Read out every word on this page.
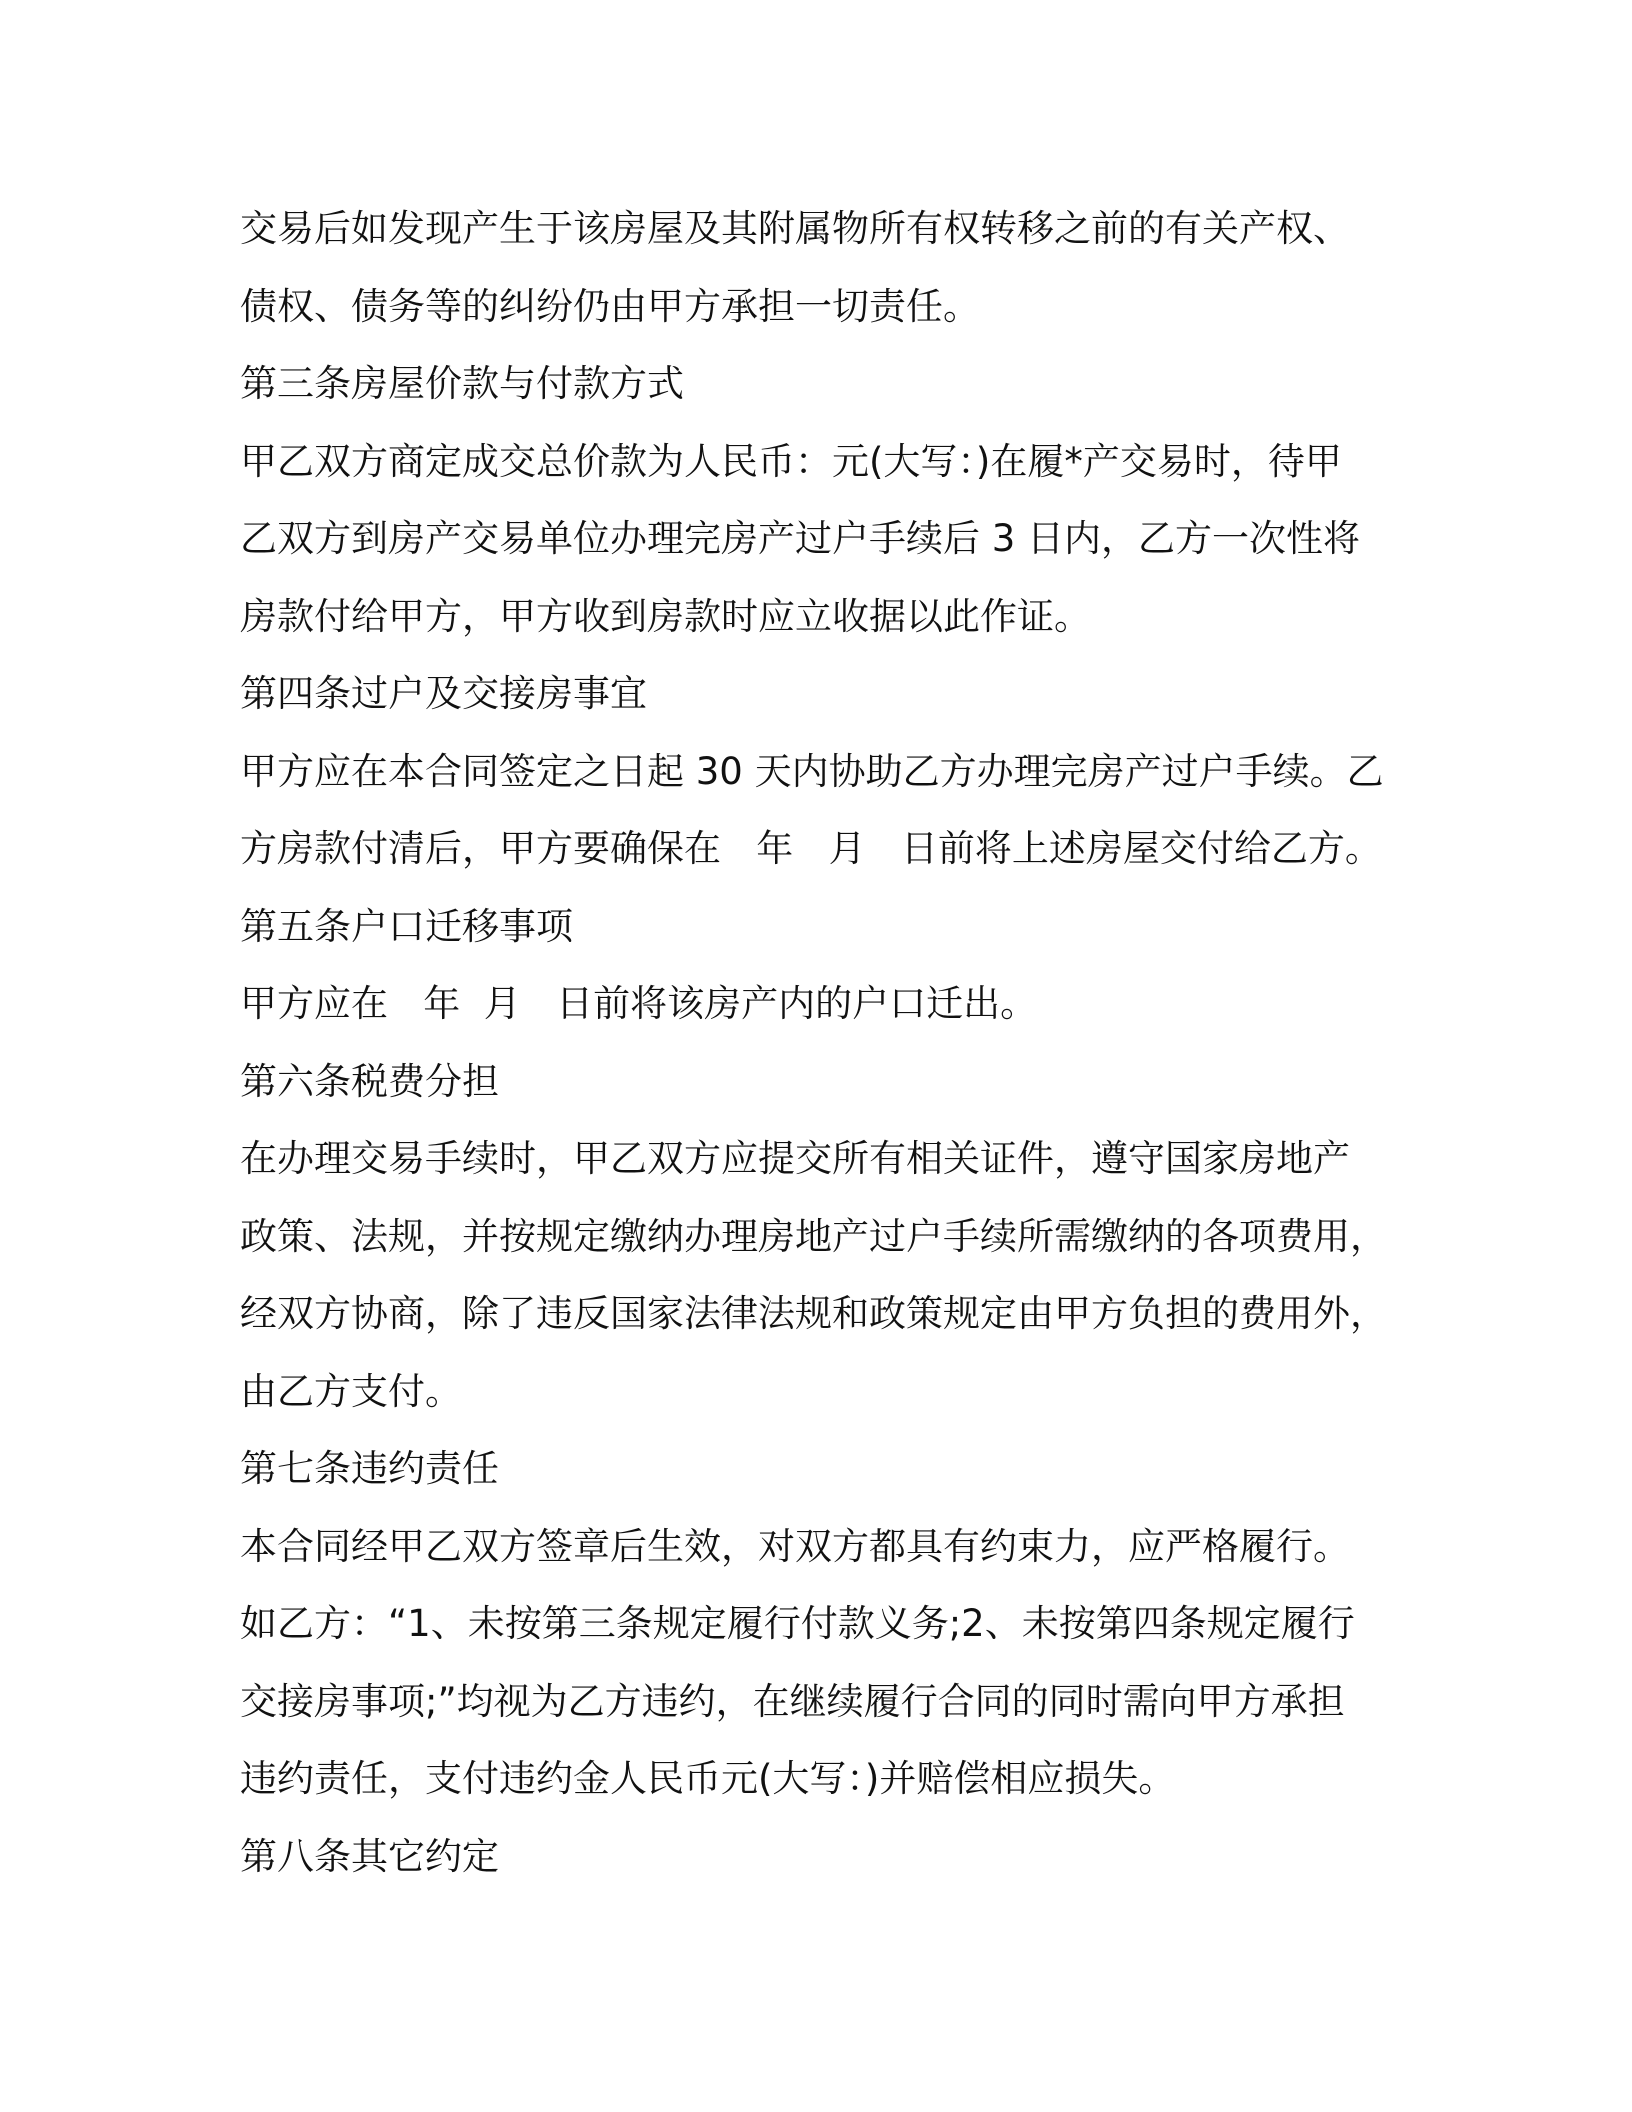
交易后如发现产生于该房屋及其附属物所有权转移之前的有关产权、
债权、债务等的纠纷仍由甲方承担一切责任。
第三条房屋价款与付款方式
甲乙双方商定成交总价款为人民币：元(大写：)在履*产交易时，待甲
乙双方到房产交易单位办理完房产过户手续后 3 日内，乙方一次性将
房款付给甲方，甲方收到房款时应立收据以此作证。
第四条过户及交接房事宜
甲方应在本合同签定之日起 30 天内协助乙方办理完房产过户手续。乙
方房款付清后，甲方要确保在   年   月   日前将上述房屋交付给乙方。
第五条户口迁移事项
甲方应在   年  月   日前将该房产内的户口迁出。
第六条税费分担
在办理交易手续时，甲乙双方应提交所有相关证件，遵守国家房地产
政策、法规，并按规定缴纳办理房地产过户手续所需缴纳的各项费用，
经双方协商，除了违反国家法律法规和政策规定由甲方负担的费用外，
由乙方支付。
第七条违约责任
本合同经甲乙双方签章后生效，对双方都具有约束力，应严格履行。
如乙方：“1、未按第三条规定履行付款义务;2、未按第四条规定履行
交接房事项;”均视为乙方违约，在继续履行合同的同时需向甲方承担
违约责任，支付违约金人民币元(大写：)并赔偿相应损失。
第八条其它约定
